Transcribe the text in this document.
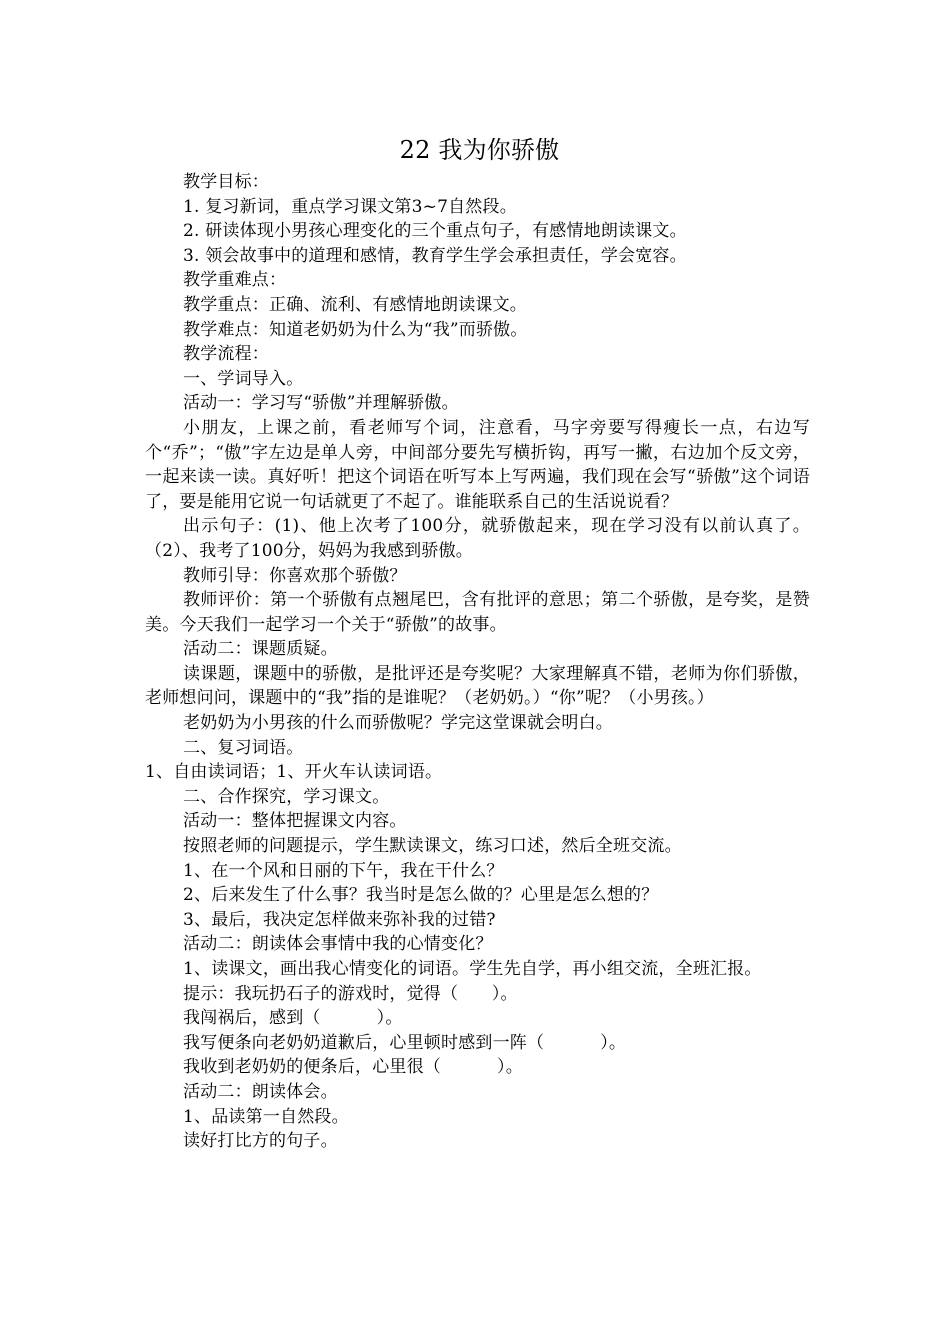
22 我为你骄傲

教学目标：

1. 复习新词，重点学习课文第3~7自然段。

2. 研读体现小男孩心理变化的三个重点句子，有感情地朗读课文。

3. 领会故事中的道理和感情，教育学生学会承担责任，学会宽容。

教学重难点：

教学重点：正确、流利、有感情地朗读课文。

教学难点：知道老奶奶为什么为“我”而骄傲。

教学流程：

一、学词导入。

活动一：学习写“骄傲”并理解骄傲。

小朋友，上课之前，看老师写个词，注意看，马字旁要写得瘦长一点，右边写个“乔”；“傲”字左边是单人旁，中间部分要先写横折钩，再写一撇，右边加个反文旁，一起来读一读。真好听！把这个词语在听写本上写两遍，我们现在会写“骄傲”这个词语了，要是能用它说一句话就更了不起了。谁能联系自己的生活说说看？

出示句子：(1)、他上次考了100分，就骄傲起来，现在学习没有以前认真了。（2）、我考了100分，妈妈为我感到骄傲。

教师引导：你喜欢那个骄傲？

教师评价：第一个骄傲有点翘尾巴，含有批评的意思；第二个骄傲，是夸奖，是赞美。今天我们一起学习一个关于“骄傲”的故事。

活动二：课题质疑。

读课题，课题中的骄傲，是批评还是夸奖呢？大家理解真不错，老师为你们骄傲，老师想问问，课题中的“我”指的是谁呢？（老奶奶。）“你”呢？（小男孩。）

老奶奶为小男孩的什么而骄傲呢？学完这堂课就会明白。

二、复习词语。

1、自由读词语；1、开火车认读词语。

二、合作探究，学习课文。

活动一：整体把握课文内容。

按照老师的问题提示，学生默读课文，练习口述，然后全班交流。

1、在一个风和日丽的下午，我在干什么？

2、后来发生了什么事？我当时是怎么做的？心里是怎么想的？

3、最后，我决定怎样做来弥补我的过错?

活动二：朗读体会事情中我的心情变化？

1、读课文，画出我心情变化的词语。学生先自学，再小组交流，全班汇报。

提示：我玩扔石子的游戏时，觉得（      ）。

我闯祸后，感到（          ）。

我写便条向老奶奶道歉后，心里顿时感到一阵（          ）。

我收到老奶奶的便条后，心里很（          ）。

活动二：朗读体会。

1、品读第一自然段。

读好打比方的句子。
